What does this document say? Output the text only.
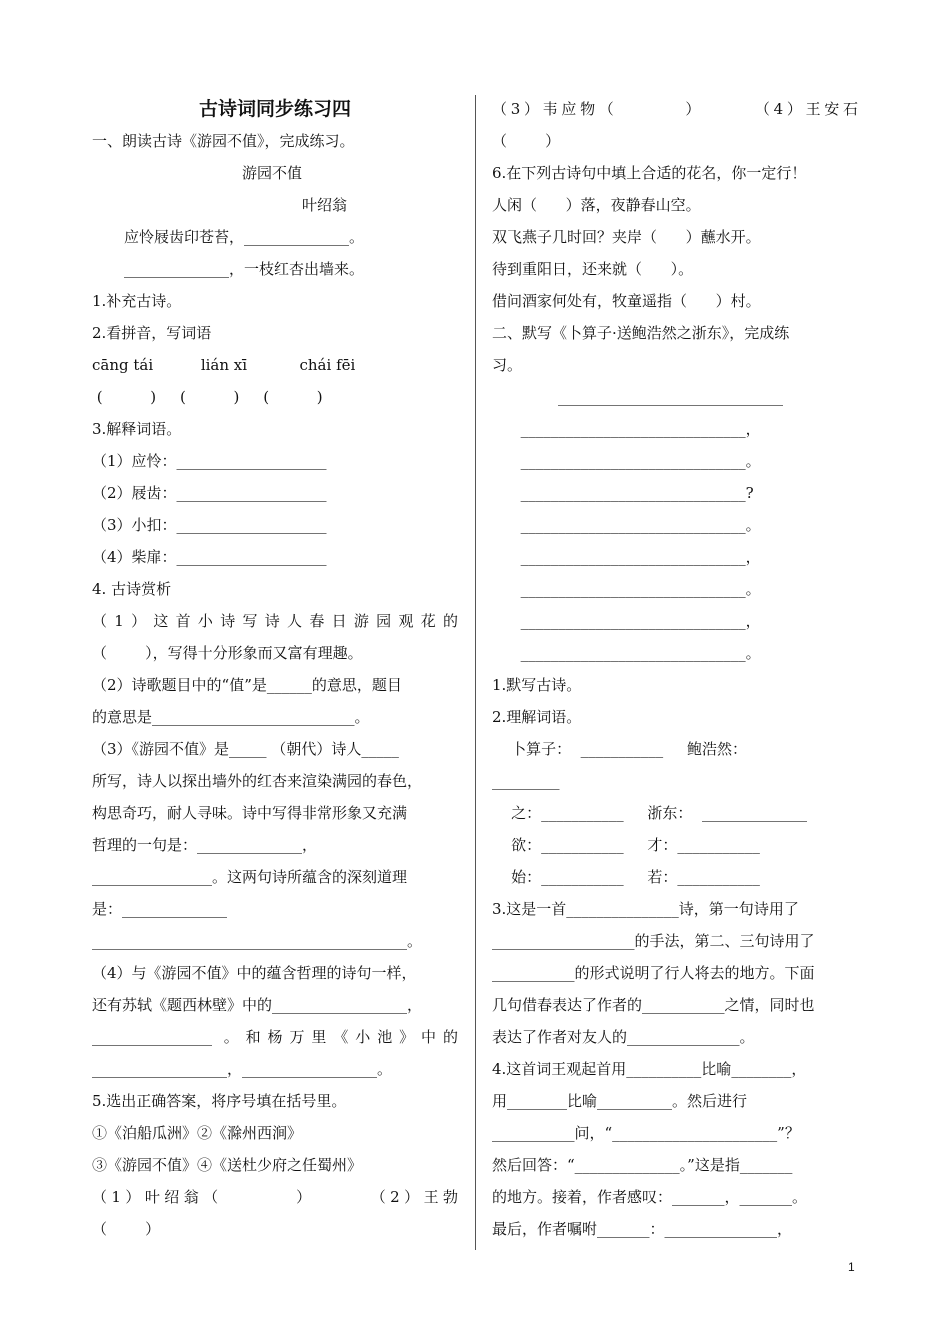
古诗词同步练习四
一、朗读古诗《游园不值》，完成练习。
游园不值
叶绍翁
应怜屐齿印苍苔，______________。
______________，一枝红杏出墙来。
1.补充古诗。
2.看拼音，写词语
cāng tái          lián xī           chái fēi
(          )     (          )     (          )
3.解释词语。
（1）应怜：____________________
（2）屐齿：____________________
（3）小扣：____________________
（4）柴扉：____________________
4. 古诗赏析
（1）这首小诗写诗人春日游园观花的
（        ），写得十分形象而又富有理趣。
（2）诗歌题目中的“值”是______的意思，题目
的意思是___________________________。
（3）《游园不值》是_____ （朝代）诗人_____
所写，诗人以探出墙外的红杏来渲染满园的春色，
构思奇巧，耐人寻味。诗中写得非常形象又充满
哲理的一句是：______________，
________________。这两句诗所蕴含的深刻道理
是：______________
__________________________________________。
（4）与《游园不值》中的蕴含哲理的诗句一样，
还有苏轼《题西林壁》中的__________________，
________________ 。和杨万里《小池》中的
__________________，__________________。
5.选出正确答案，将序号填在括号里。
①《泊船瓜洲》②《滁州西涧》
③《游园不值》④《送杜少府之任蜀州》
（1）叶绍翁（        ）      （2）王勃
（        ）
（3）韦应物（        ）      （4）王安石
（        ）
6.在下列古诗句中填上合适的花名，你一定行！
人闲（      ）落，夜静春山空。
双飞燕子几时回？夹岸（      ）蘸水开。
待到重阳日，还来就（      ）。
借问酒家何处有，牧童遥指（      ）村。
二、默写《卜算子·送鲍浩然之浙东》，完成练
习。
______________________________
______________________________，
______________________________。
______________________________?
______________________________。
______________________________，
______________________________。
______________________________，
______________________________。
1.默写古诗。
2.理解词语。
卜算子：  ___________     鲍浩然：
_________
之：___________     浙东：  ______________
欲：___________     才：___________
始：___________     若：___________
3.这是一首_______________诗，第一句诗用了
___________________的手法，第二、三句诗用了
___________的形式说明了行人将去的地方。下面
几句借春表达了作者的___________之情，同时也
表达了作者对友人的_______________。
4.这首词王观起首用__________比喻________，
用________比喻__________。然后进行
___________问，“______________________”？
然后回答：“______________。”这是指_______
的地方。接着，作者感叹：_______，_______。
最后，作者嘱咐_______：_______________，
1
